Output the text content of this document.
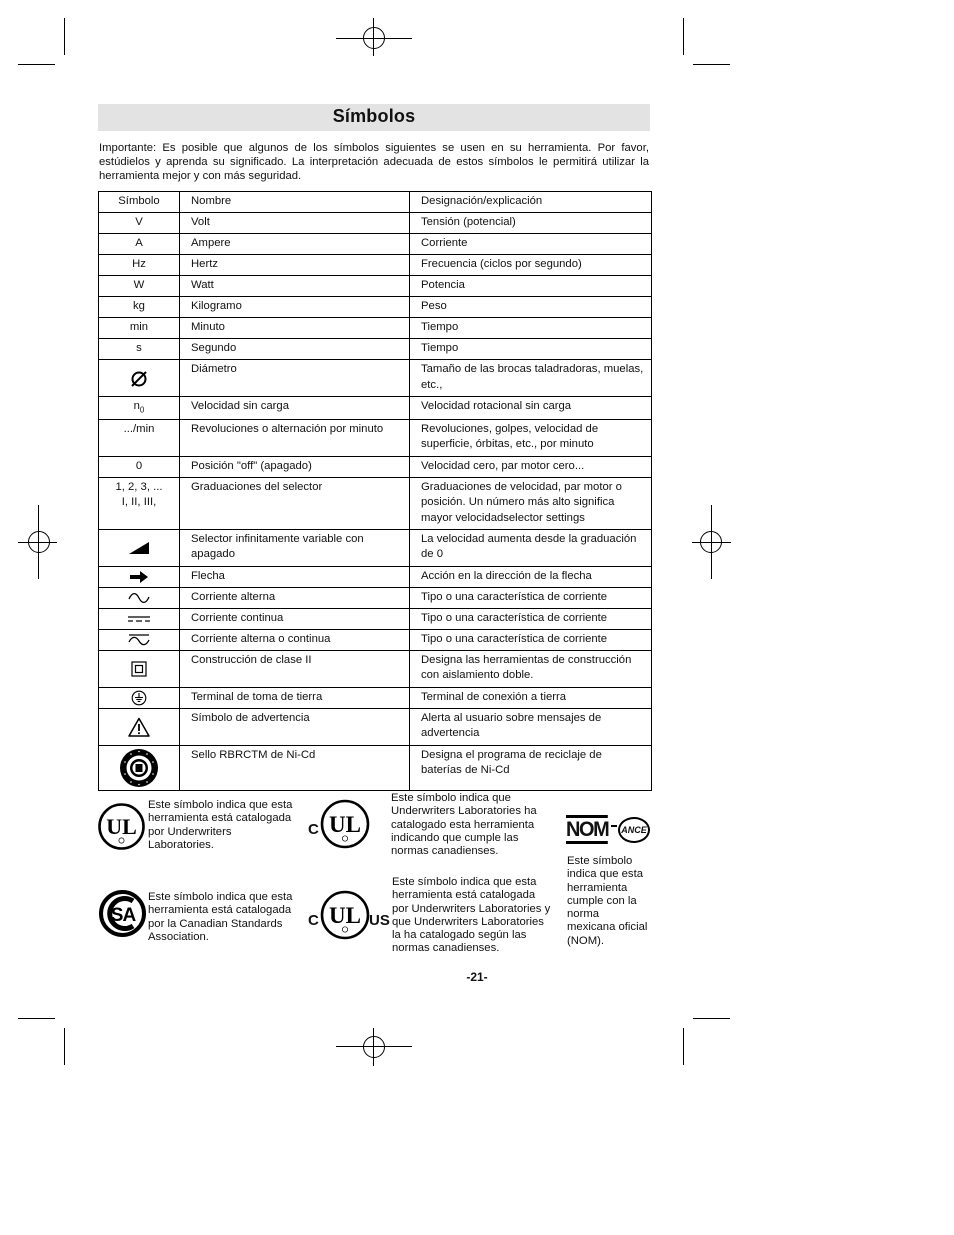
Símbolos
Importante: Es posible que algunos de los símbolos siguientes se usen en su herramienta. Por favor, estúdielos y aprenda su significado. La interpretación adecuada de estos símbolos le permitirá utilizar la herramienta mejor y con más seguridad.
Símbolo	Nombre	Designación/explicación
V	Volt	Tensión (potencial)
A	Ampere	Corriente
Hz	Hertz	Frecuencia (ciclos por segundo)
W	Watt	Potencia
kg	Kilogramo	Peso
min	Minuto	Tiempo
s	Segundo	Tiempo
	Diámetro	Tamaño de las brocas taladradoras, muelas, etc.,
$n_0$	Velocidad sin carga	Velocidad rotacional sin carga
.../min	Revoluciones o alternación por minuto	Revoluciones, golpes, velocidad de superficie, órbitas, etc., por minuto
0	Posición "off" (apagado)	Velocidad cero, par motor cero...

1, 2, 3, ... I, II, III,	Graduaciones del selector	Graduaciones de velocidad, par motor o posición. Un número más alto significa mayor velocidadselector settings
	Selector infinitamente variable con apagado	La velocidad aumenta desde la graduación de 0
	Flecha	Acción en la dirección de la flecha
	Corriente alterna	Tipo o una característica de corriente
	Corriente continua	Tipo o una característica de corriente
	Corriente alterna o continua	Tipo o una característica de corriente
	Construcción de clase II	Designa las herramientas de construcción con aislamiento doble.
	Terminal de toma de tierra	Terminal de conexión a tierra
	Símbolo de advertencia	Alerta al usuario sobre mensajes de advertencia
	Sello RBRCTM de Ni-Cd	Designa el programa de reciclaje de baterías de Ni-Cd
UL
Este símbolo indica que esta herramienta está catalogada por Underwriters Laboratories.
C UL
Este símbolo indica que Underwriters Laboratories ha catalogado esta herramienta indicando que cumple las normas canadienses.
NOM	ANCE
Este símbolo indica que esta herramienta cumple con la norma mexicana oficial (NOM).
SA
Este símbolo indica que esta herramienta está catalogada por la Canadian Standards Association.
C UL US
Este símbolo indica que esta herramienta está catalogada por Underwriters Laboratories y que Underwriters Laboratories la ha catalogado según las normas canadienses.
-21-
